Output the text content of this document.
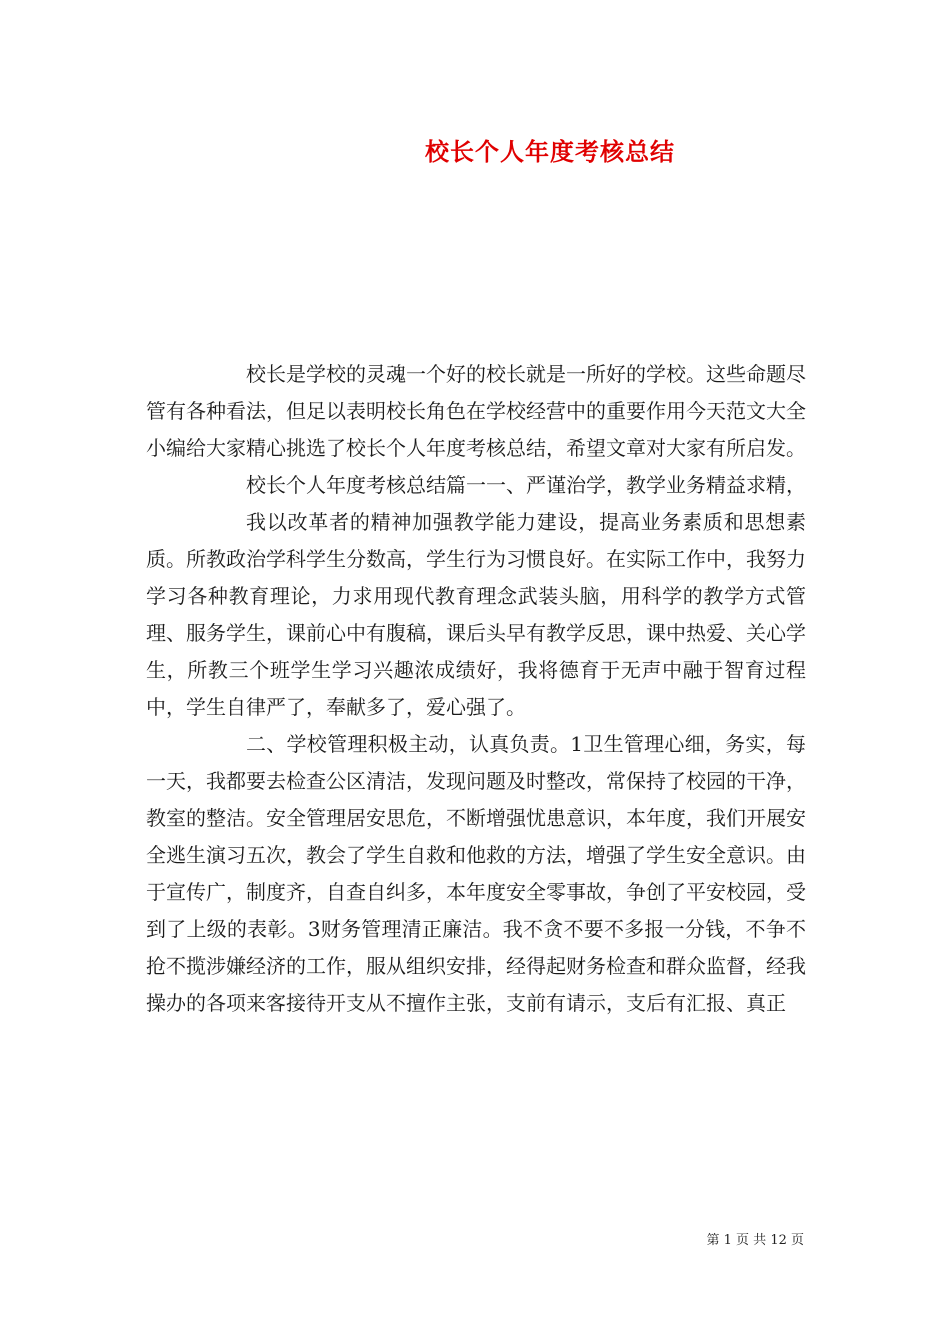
校长个人年度考核总结

校长是学校的灵魂一个好的校长就是一所好的学校。这些命题尽管有各种看法，但足以表明校长角色在学校经营中的重要作用今天范文大全小编给大家精心挑选了校长个人年度考核总结，希望文章对大家有所启发。

校长个人年度考核总结篇一一、严谨治学，教学业务精益求精，

我以改革者的精神加强教学能力建设，提高业务素质和思想素质。所教政治学科学生分数高，学生行为习惯良好。在实际工作中，我努力学习各种教育理论，力求用现代教育理念武装头脑，用科学的教学方式管理、服务学生，课前心中有腹稿，课后头早有教学反思，课中热爱、关心学生，所教三个班学生学习兴趣浓成绩好，我将德育于无声中融于智育过程中，学生自律严了，奉献多了，爱心强了。

二、学校管理积极主动，认真负责。1卫生管理心细，务实，每一天，我都要去检查公区清洁，发现问题及时整改，常保持了校园的干净，教室的整洁。安全管理居安思危，不断增强忧患意识，本年度，我们开展安全逃生演习五次，教会了学生自救和他救的方法，增强了学生安全意识。由于宣传广，制度齐，自查自纠多，本年度安全零事故，争创了平安校园，受到了上级的表彰。3财务管理清正廉洁。我不贪不要不多报一分钱，不争不抢不揽涉嫌经济的工作，服从组织安排，经得起财务检查和群众监督，经我操办的各项来客接待开支从不擅作主张，支前有请示，支后有汇报、真正

第 1 页 共 12 页
